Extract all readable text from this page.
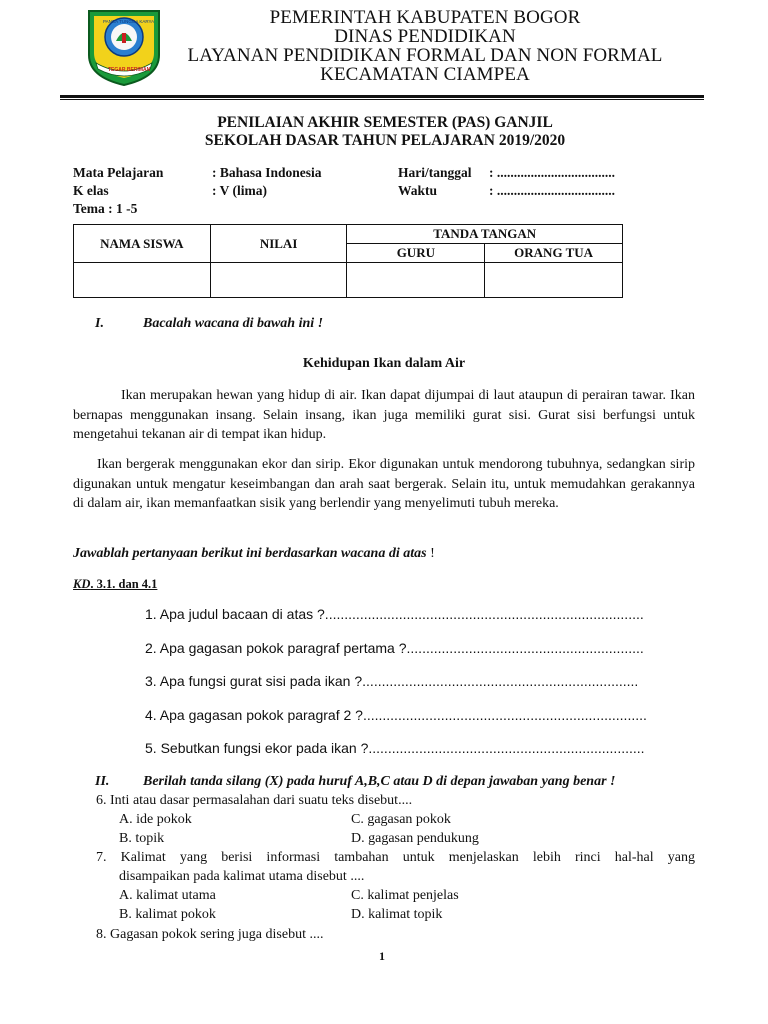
PANCA TUNGGA KARYA
TEGAR BERIMAN
PEMERINTAH KABUPATEN BOGOR
DINAS PENDIDIKAN
LAYANAN PENDIDIKAN FORMAL DAN NON FORMAL
KECAMATAN CIAMPEA
PENILAIAN AKHIR SEMESTER (PAS) GANJIL
SEKOLAH DASAR TAHUN PELAJARAN 2019/2020
Mata Pelajaran	: Bahasa Indonesia
K elas	: V (lima)
Tema : 1 -5
Hari/tanggal : ...................................
Waktu	: ...................................
NAMA SISWA	NILAI	TANDA TANGAN	
		GURU	ORANG TUA

I.	Bacalah wacana di bawah ini !
Kehidupan Ikan dalam Air
Ikan merupakan hewan yang hidup di air. Ikan dapat dijumpai di laut ataupun di perairan tawar. Ikan bernapas menggunakan insang. Selain insang, ikan juga memiliki gurat sisi. Gurat sisi berfungsi untuk mengetahui tekanan air di tempat ikan hidup.
Ikan bergerak menggunakan ekor dan sirip. Ekor digunakan untuk mendorong tubuhnya, sedangkan sirip digunakan untuk mengatur keseimbangan dan arah saat bergerak. Selain itu, untuk memudahkan gerakannya di dalam air, ikan memanfaatkan sisik yang berlendir yang menyelimuti tubuh mereka.
Jawablah pertanyaan berikut ini berdasarkan wacana di atas !
KD. 3.1. dan 4.1
1. Apa judul bacaan di atas ?..................................................................................
2. Apa gagasan pokok paragraf pertama ?.............................................................
3. Apa fungsi gurat sisi pada ikan ?.......................................................................
4. Apa gagasan pokok paragraf 2 ?.........................................................................
5. Sebutkan fungsi ekor pada ikan ?.......................................................................
II. Berilah tanda silang (X) pada huruf A,B,C atau D di depan jawaban yang benar !
6. Inti atau dasar permasalahan dari suatu teks disebut....
A. ide pokok	C. gagasan pokok
B. topik	D. gagasan pendukung
7. Kalimat yang berisi informasi tambahan untuk menjelaskan lebih rinci hal-hal yang
disampaikan pada kalimat utama disebut ....
A. kalimat utama	C. kalimat penjelas
B. kalimat pokok	D. kalimat topik
8. Gagasan pokok sering juga disebut ....
1
